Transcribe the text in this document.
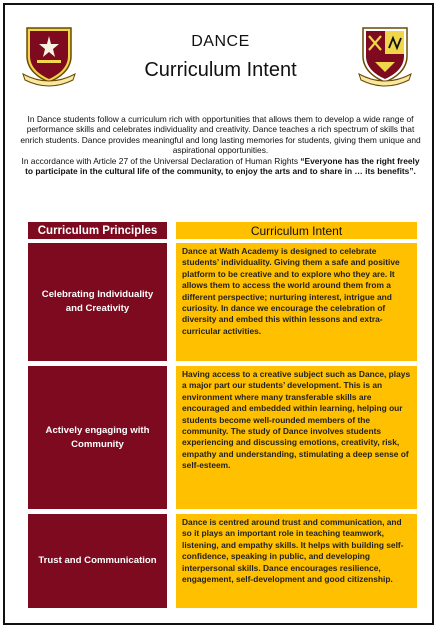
DANCE
Curriculum Intent

In Dance students follow a curriculum rich with opportunities that allows them to develop a wide range of performance skills and celebrates individuality and creativity. Dance teaches a rich spectrum of skills that enrich students. Dance provides meaningful and long lasting memories for students, giving them unique and aspirational opportunities.

In accordance with Article 27 of the Universal Declaration of Human Rights “Everyone has the right freely to participate in the cultural life of the community, to enjoy the arts and to share in … its benefits”.

Curriculum Principles	Curriculum Intent
Celebrating Individuality and Creativity
Dance at Wath Academy is designed to celebrate students’ individuality. Giving them a safe and positive platform to be creative and to explore who they are. It allows them to access the world around them from a different perspective; nurturing interest, intrigue and curiosity. In dance we encourage the celebration of diversity and embed this within lessons and extra-curricular activities.
Actively engaging with Community
Having access to a creative subject such as Dance, plays a major part our students’ development. This is an environment where many transferable skills are encouraged and embedded within learning, helping our students become well-rounded members of the community. The study of Dance involves students experiencing and discussing emotions, creativity, risk, empathy and understanding, stimulating a deep sense of self-esteem.
Trust and Communication
Dance is centred around trust and communication, and so it plays an important role in teaching teamwork, listening, and empathy skills. It helps with building self-confidence, speaking in public, and developing interpersonal skills. Dance encourages resilience, engagement, self-development and good citizenship.
